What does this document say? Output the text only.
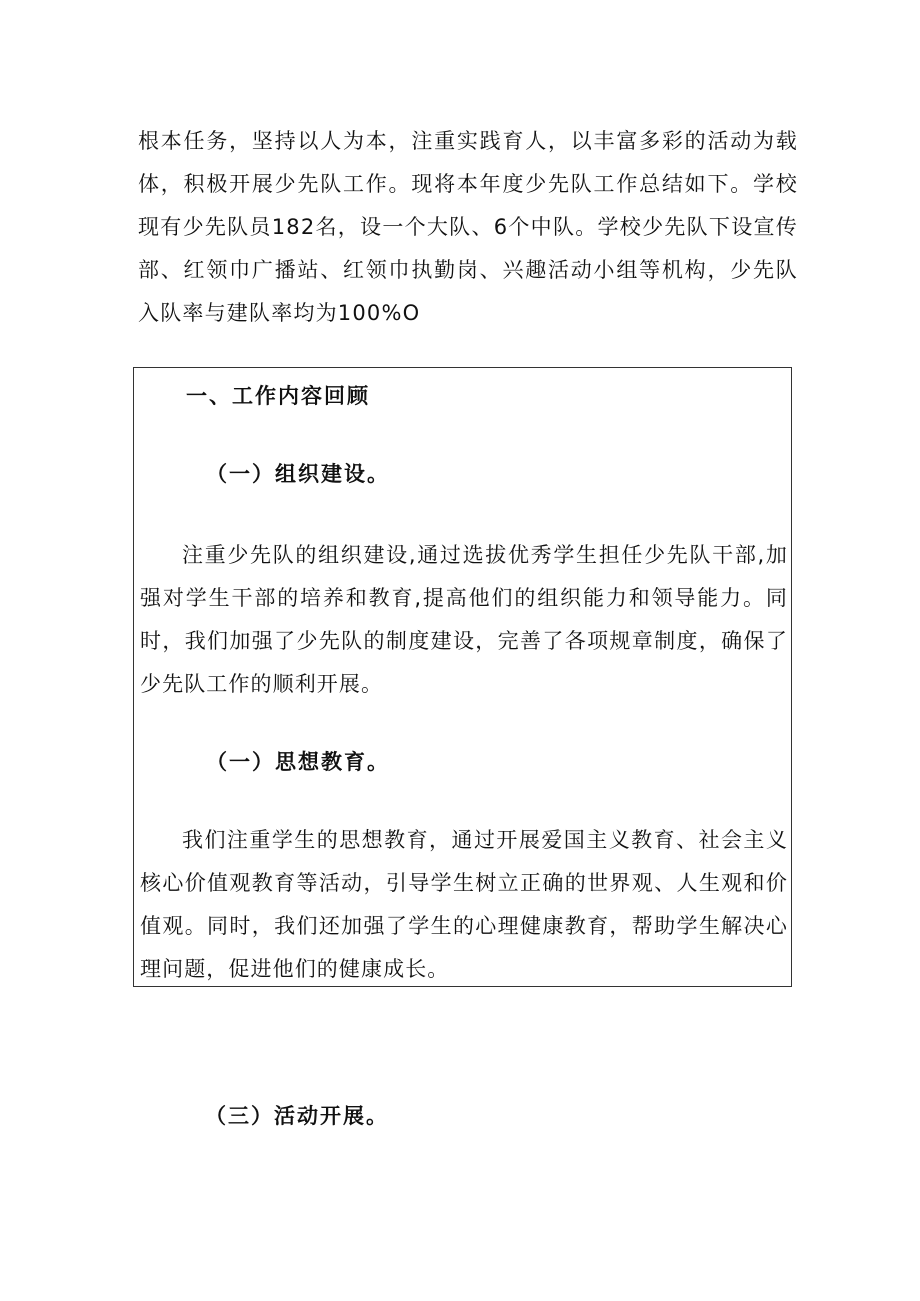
根本任务，坚持以人为本，注重实践育人，以丰富多彩的活动为载体，积极开展少先队工作。现将本年度少先队工作总结如下。学校现有少先队员182名，设一个大队、6个中队。学校少先队下设宣传部、红领巾广播站、红领巾执勤岗、兴趣活动小组等机构，少先队入队率与建队率均为100%O

一、工作内容回顾
（一）组织建设。

注重少先队的组织建设,通过选拔优秀学生担任少先队干部,加强对学生干部的培养和教育,提高他们的组织能力和领导能力。同时，我们加强了少先队的制度建设，完善了各项规章制度，确保了少先队工作的顺利开展。

（一）思想教育。

我们注重学生的思想教育，通过开展爱国主义教育、社会主义核心价值观教育等活动，引导学生树立正确的世界观、人生观和价值观。同时，我们还加强了学生的心理健康教育，帮助学生解决心理问题，促进他们的健康成长。

（三）活动开展。
